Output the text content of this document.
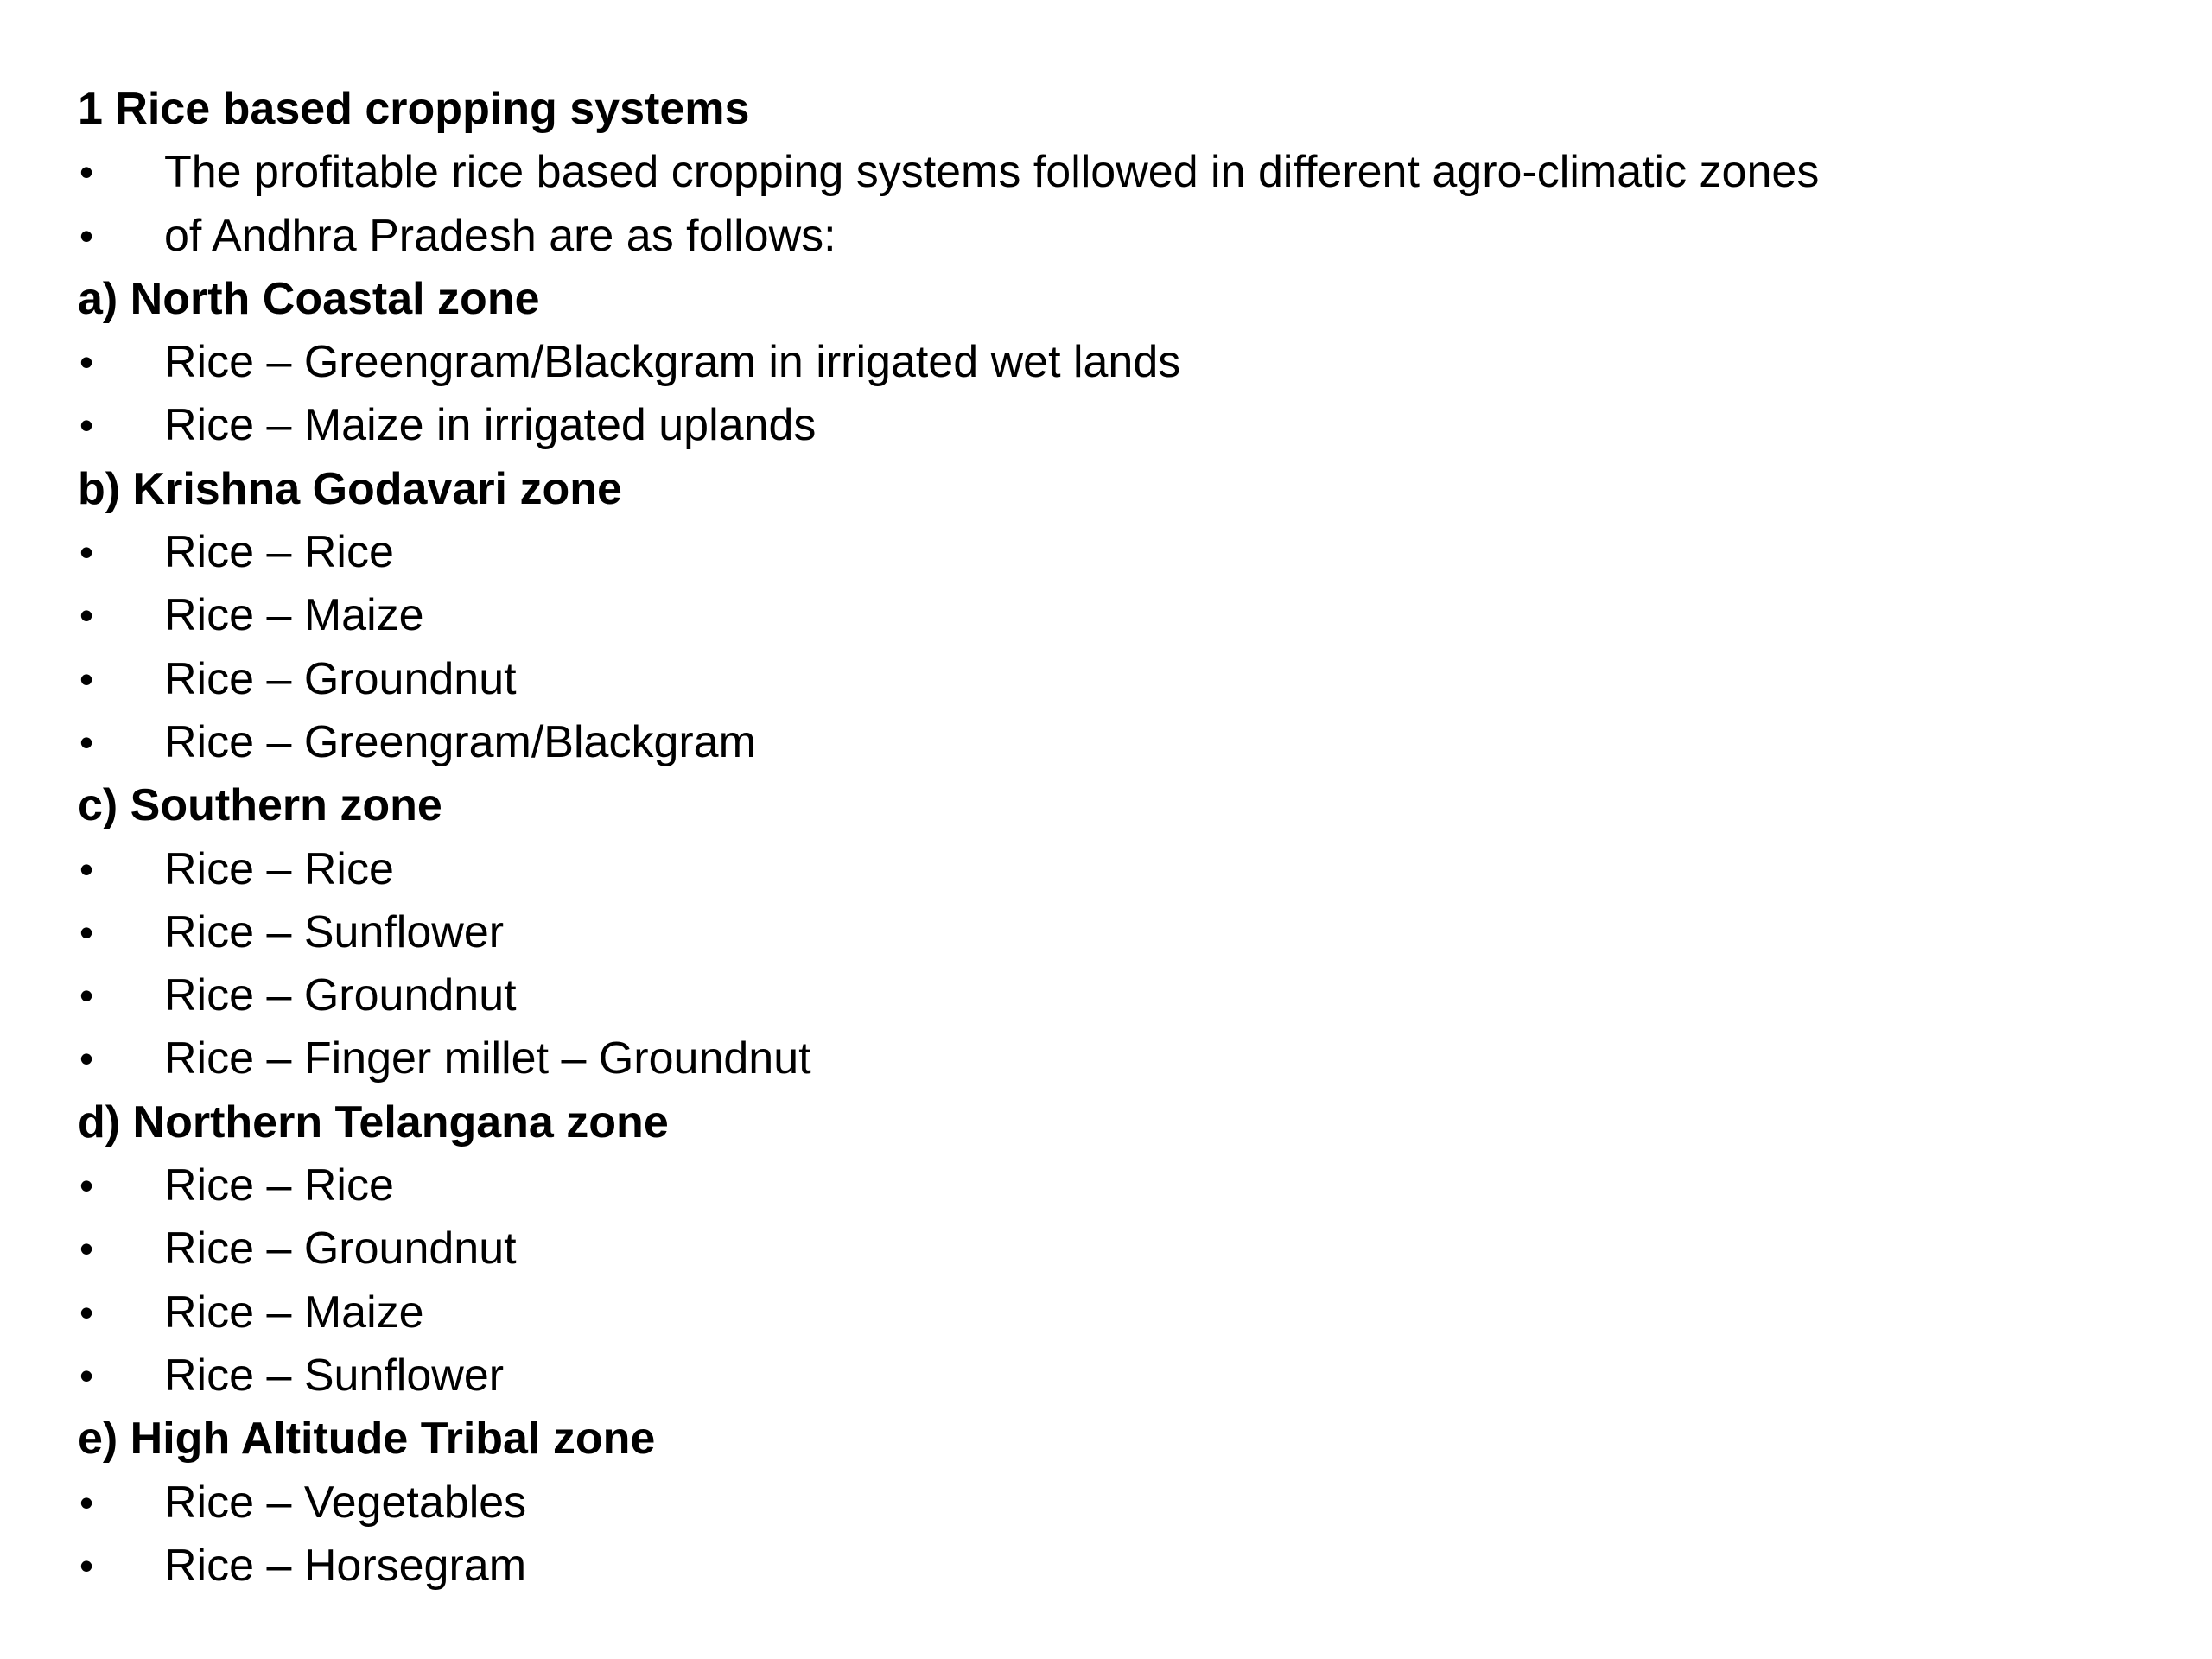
1 Rice based cropping systems
•	The profitable rice based cropping systems followed in different agro-climatic zones
•	of Andhra Pradesh are as follows:
a) North Coastal zone
•	Rice – Greengram/Blackgram in irrigated wet lands
•	Rice – Maize in irrigated uplands
b) Krishna Godavari zone
•	Rice – Rice
•	Rice – Maize
•	Rice – Groundnut
•	Rice – Greengram/Blackgram
c) Southern zone
•	Rice – Rice
•	Rice – Sunflower
•	Rice – Groundnut
•	Rice – Finger millet – Groundnut
d) Northern Telangana zone
•	Rice – Rice
•	Rice – Groundnut
•	Rice – Maize
•	Rice – Sunflower
e) High Altitude Tribal zone
•	Rice – Vegetables
•	Rice – Horsegram
